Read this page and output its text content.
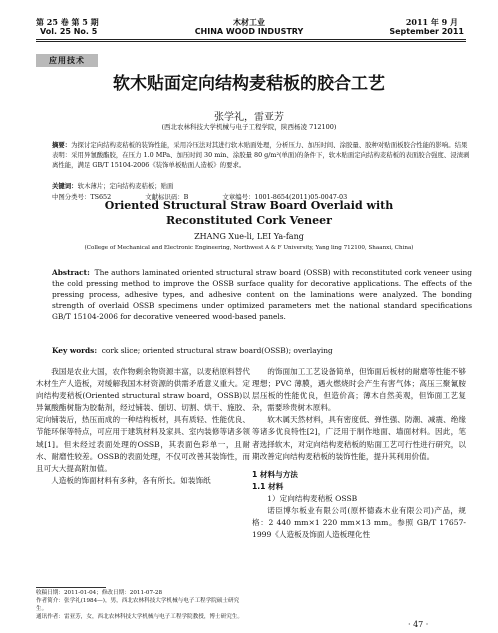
第 25 卷 第 5 期
Vol. 25 No. 5
木材工业
CHINA WOOD INDUSTRY
2011 年 9 月
September 2011
应用技术
软木贴面定向结构麦秸板的胶合工艺
张学礼，雷亚芳
(西北农林科技大学机械与电子工程学院，陕西杨凌 712100)
摘要：为探讨定向结构麦秸板的装饰性能，采用冷压法对其进行软木贴面处理，分析压力、加压时间、涂胶量、胶种对贴面板胶合性能的影响。结果表明：采用异氰酸酯胶，在压力 1.0 MPa、加压时间 30 min、涂胶量 80 g/m²(单面)的条件下，软木贴面定向结构麦秸板的表面胶合强度、浸渍剥离性能，满足 GB/T 15104-2006《装饰单板贴面人造板》的要求。
关键词：软木薄片；定向结构麦秸板；贴面
中图分类号：TS652	文献标识码：B	文章编号：1001-8654(2011)05-0047-03
Oriented Structural Straw Board Overlaid with
Reconstituted Cork Veneer
ZHANG Xue-li, LEI Ya-fang
(College of Mechanical and Electronic Engineering, Northwest A & F University, Yang ling 712100, Shaanxi, China)
Abstract: The authors laminated oriented structural straw board (OSSB) with reconstituted cork veneer using the cold pressing method to improve the OSSB surface quality for decorative applications. The effects of the pressing process, adhesive types, and adhesive content on the laminations were analyzed. The bonding strength of overlaid OSSB specimens under optimized parameters met the national standard specifications GB/T 15104-2006 for decorative veneered wood-based panels.
Key words: cork slice; oriented structural straw board(OSSB); overlaying

我国是农业大国，农作物剩余物资源丰富，以麦秸原料替代木材生产人造板，对缓解我国木材资源的供需矛盾意义重大。定向结构麦秸板(Oriented structural straw board，OSSB)以异氰酸酯树脂为胶黏剂，经过铺装、刨切、切割、烘干、施胶、定向铺装后，热压而成的一种结构板材，具有质轻、性能优良、节能环保等特点，可应用于建筑材料及家具、室内装修等诸多领域[1]。但未经过表面处理的OSSB，其表面色彩单一，且耐水、耐磨性较差。OSSB的表面处理，不仅可改善其装饰性，而且可大大提高附加值。

人造板的饰面材料有多种，各有所长。如装饰纸

的饰面加工工艺设备简单，但饰面后板材的耐磨等性能不够理想；PVC 薄膜，遇火燃烧时会产生有害气体；高压三聚氰胺层压板的性能优良，但造价高；薄木自然美观，但饰面工艺复杂，需要珍贵树木原料。

软木属天然材料，具有密度低、弹性强、防潮、减震、绝缘等诸多优良特性[2]，广泛用于制作地面、墙面材料。因此，笔者选择软木，对定向结构麦秸板的贴面工艺可行性进行研究，以期改善定向结构麦秸板的装饰性能，提升其利用价值。

1 材料与方法

1.1 材料

1）定向结构麦秸板 OSSB

诺⾂博尔板业有限公司(原杯德森木业有限公司)产品，规格：2 440 mm×1 220 mm×13 mm。参照 GB/T 17657-1999《人造板及饰面人造板理化性

收稿日期：2011-01-04；修改日期：2011-07-28
作者简介：张学礼(1984—)，男，西北农林科技大学机械与电子工程学院硕士研究生。
通讯作者：雷亚芳，女，西北农林科技大学机械与电子工程学院教授，博士研究生。
· 47 ·
